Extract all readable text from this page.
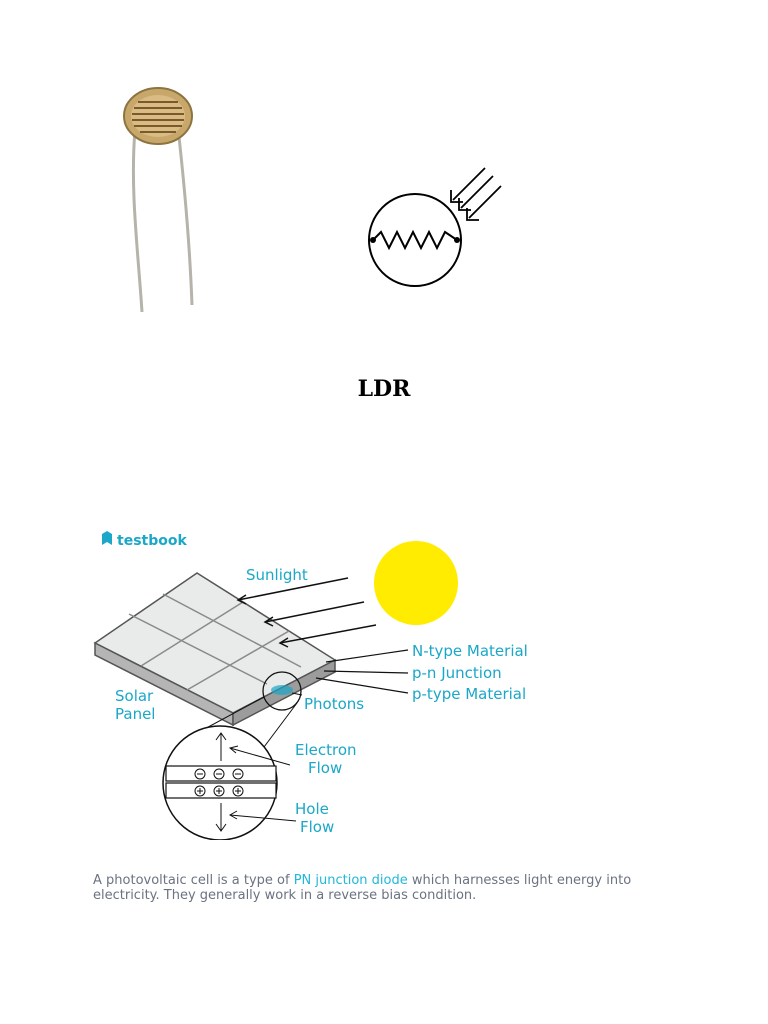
LDR
testbook
Sunlight
N-type Material
p-n Junction
p-type Material
Solar
Panel
Photons
Electron
Flow
Hole
Flow
A photovoltaic cell is a type of PN junction diode which harnesses light energy into electricity. They generally work in a reverse bias condition.
